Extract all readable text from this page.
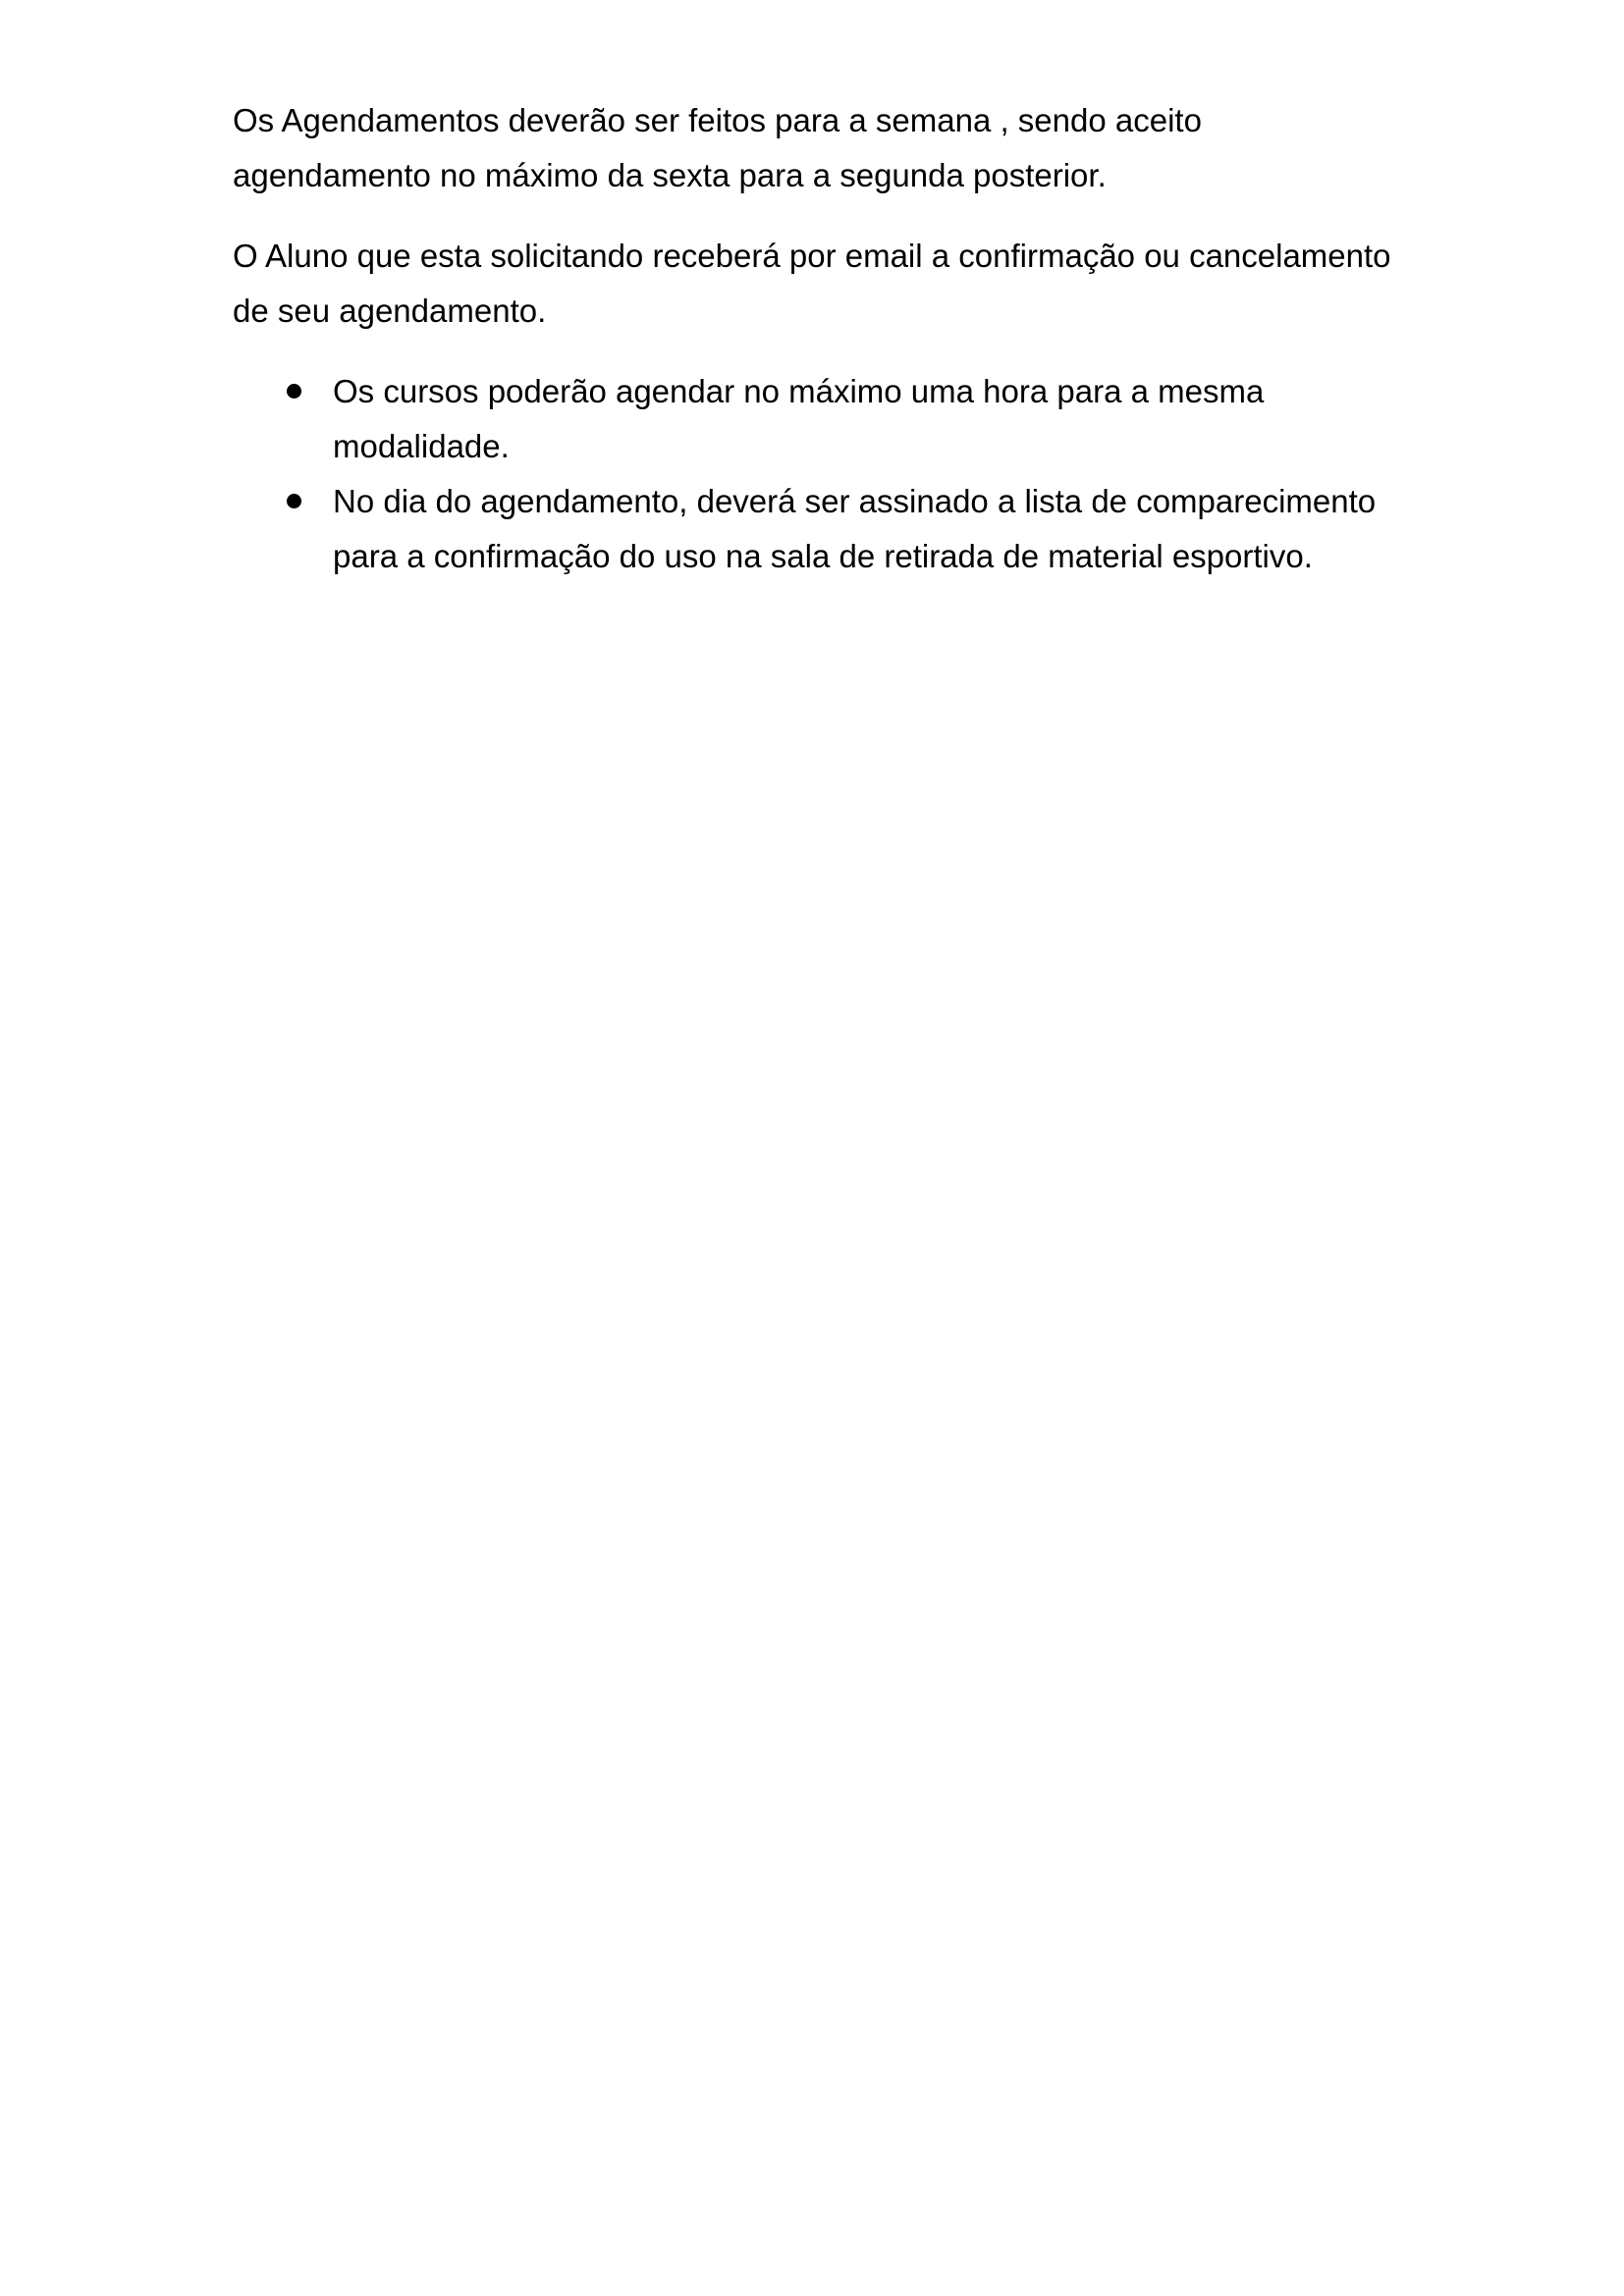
Os Agendamentos deverão ser feitos para a semana , sendo aceito agendamento no máximo da sexta para a segunda posterior.

O Aluno que esta solicitando receberá por email a confirmação ou cancelamento de seu agendamento.

Os cursos poderão agendar no máximo uma hora para a mesma modalidade.
No dia do agendamento, deverá ser assinado a lista de comparecimento para a confirmação do uso na sala de retirada de material esportivo.
